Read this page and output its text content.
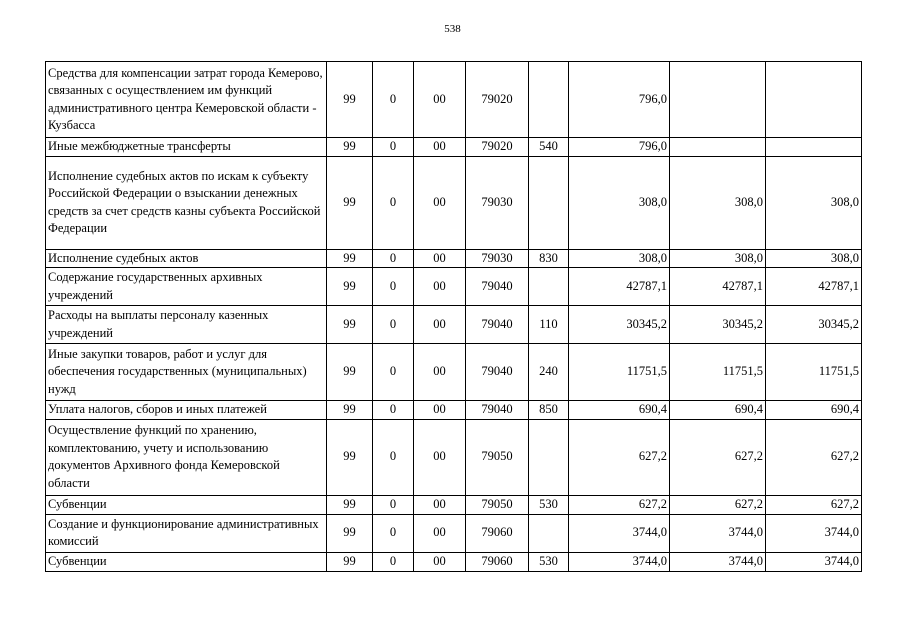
538
Средства для компенсации затрат города Кемерово, связанных с осуществлением им функций административного центра Кемеровской области - Кузбасса	99	0	00	79020		796,0		
Иные межбюджетные трансферты	99	0	00	79020	540	796,0		
Исполнение судебных актов по искам к субъекту Российской Федерации о взыскании денежных средств за счет средств казны субъекта Российской Федерации	99	0	00	79030		308,0	308,0	308,0
Исполнение судебных актов	99	0	00	79030	830	308,0	308,0	308,0
Содержание государственных архивных учреждений	99	0	00	79040		42787,1	42787,1	42787,1
Расходы на выплаты персоналу казенных учреждений	99	0	00	79040	110	30345,2	30345,2	30345,2
Иные закупки товаров, работ и услуг для обеспечения государственных (муниципальных) нужд	99	0	00	79040	240	11751,5	11751,5	11751,5
Уплата налогов, сборов и иных платежей	99	0	00	79040	850	690,4	690,4	690,4
Осуществление функций по хранению, комплектованию, учету и использованию документов Архивного фонда Кемеровской области	99	0	00	79050		627,2	627,2	627,2
Субвенции	99	0	00	79050	530	627,2	627,2	627,2
Создание и функционирование административных комиссий	99	0	00	79060		3744,0	3744,0	3744,0
Субвенции	99	0	00	79060	530	3744,0	3744,0	3744,0
